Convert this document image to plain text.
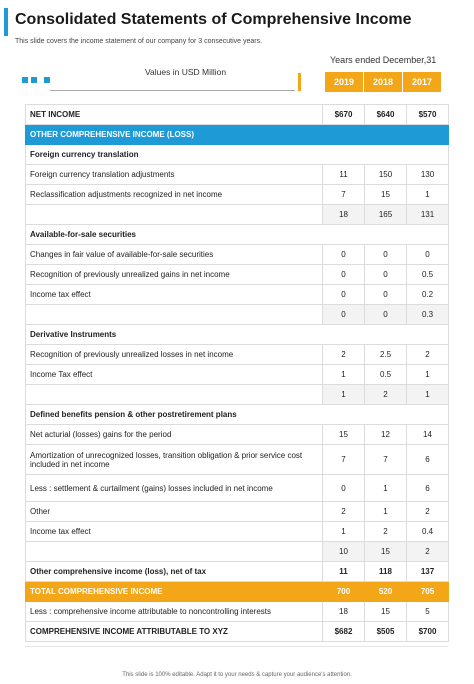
Consolidated Statements of Comprehensive Income
This slide covers the income statement of our company for 3 consecutive years.
Years ended December,31
Values in USD Million
2019	2018	2017
NET INCOME	$670	$640	$570
OTHER COMPREHENSIVE INCOME (LOSS)			
Foreign currency translation			
Foreign currency translation adjustments	11	150	130
Reclassification adjustments recognized in net income	7	15	1
	18	165	131
Available-for-sale securities			
Changes in fair value of available-for-sale securities	0	0	0
Recognition of previously unrealized gains in net income	0	0	0.5
Income tax effect	0	0	0.2
	0	0	0.3
Derivative Instruments			
Recognition of previously unrealized losses in net income	2	2.5	2
Income Tax effect	1	0.5	1
	1	2	1
Defined benefits pension & other postretirement plans			
Net acturial (losses) gains for the period	15	12	14
Amortization of unrecognized losses, transition obligation & prior service cost included in net income	7	7	6
Less : settlement & curtailment (gains) losses included in net income	0	1	6
Other	2	1	2
Income tax effect	1	2	0.4
	10	15	2
Other comprehensive income (loss), net of tax	11	118	137
TOTAL COMPREHENSIVE INCOME	700	520	705
Less : comprehensive income attributable to noncontrolling interests	18	15	5
COMPREHENSIVE INCOME ATTRIBUTABLE TO XYZ	$682	$505	$700
This slide is 100% editable. Adapt it to your needs & capture your audience's attention.
